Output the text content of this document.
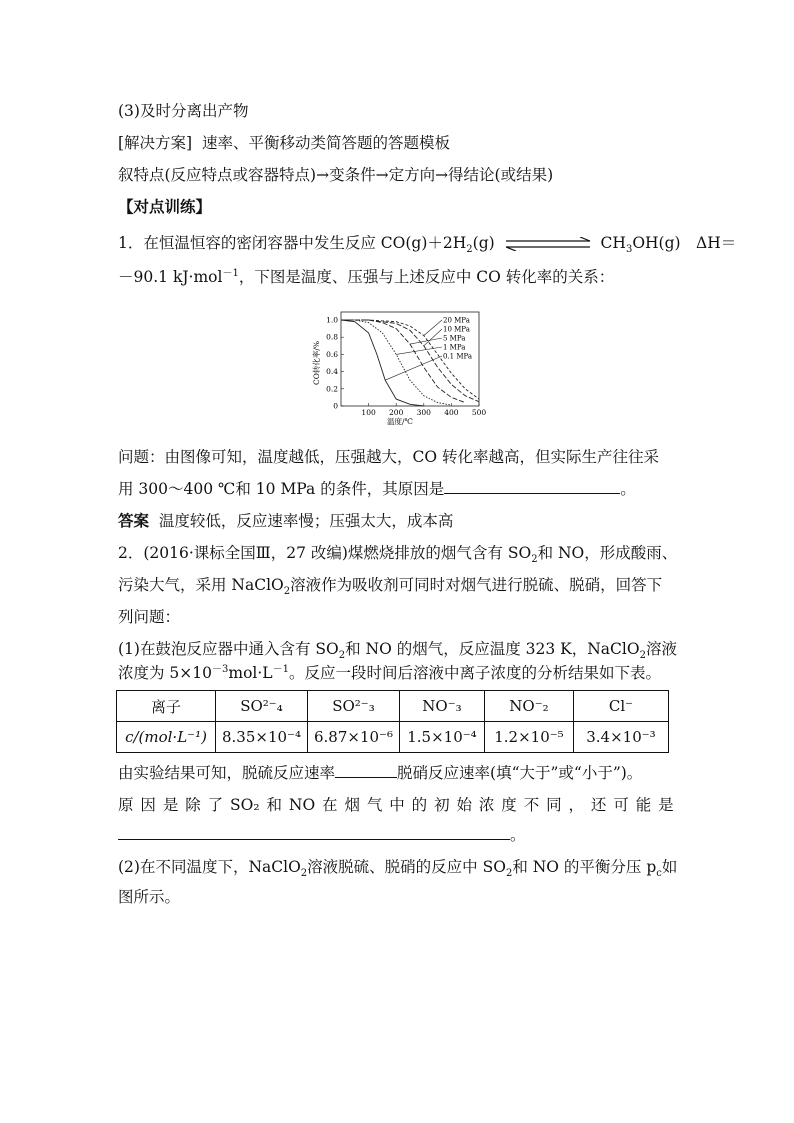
(3)及时分离出产物
[解决方案] 速率、平衡移动类简答题的答题模板
叙特点(反应特点或容器特点)→变条件→定方向→得结论(或结果)
【对点训练】
1．在恒温恒容的密闭容器中发生反应 $CO(g)+2H_2(g)$	$CH_3OH(g)$　ΔH＝
－90.1 kJ·mol$^{-1}$，下图是温度、压强与上述反应中 CO 转化率的关系：
100 200 300 400 500
0
0.2
0.4
0.6
0.8
1.0
温度/℃
CO转化率/%
20 MPa
10 MPa
5 MPa
1 MPa
0.1 MPa
问题：由图像可知，温度越低，压强越大，CO 转化率越高，但实际生产往往采
用 300～400 ℃和 10 MPa 的条件，其原因是	。
答案 温度较低，反应速率慢；压强太大，成本高
2．(2016·课标全国Ⅲ，27 改编)煤燃烧排放的烟气含有 $SO_2$和 NO，形成酸雨、
污染大气，采用 NaClO$_2$溶液作为吸收剂可同时对烟气进行脱硫、脱硝，回答下
列问题：
(1)在鼓泡反应器中通入含有 $SO_2$和 NO 的烟气，反应温度 323 K，NaClO$_2$溶液
浓度为 $5\times 10^{-3}mol\cdot L^{-1}$。反应一段时间后溶液中离子浓度的分析结果如下表。
离子	SO²⁻₄	SO²⁻₃	NO⁻₃	NO⁻₂	Cl⁻
c/(mol·L⁻¹)	8.35×10⁻⁴	6.87×10⁻⁶	1.5×10⁻⁴	1.2×10⁻⁵	3.4×10⁻³
由实验结果可知，脱硫反应速率	脱硝反应速率(填“大于”或“小于”)。
原 因 是 除 了 SO₂ 和 NO 在 烟 气 中 的 初 始 浓 度 不 同 ， 还 可 能 是
。
(2)在不同温度下，NaClO$_2$溶液脱硫、脱硝的反应中 $SO_2$和 NO 的平衡分压 $p_c$如
图所示。
